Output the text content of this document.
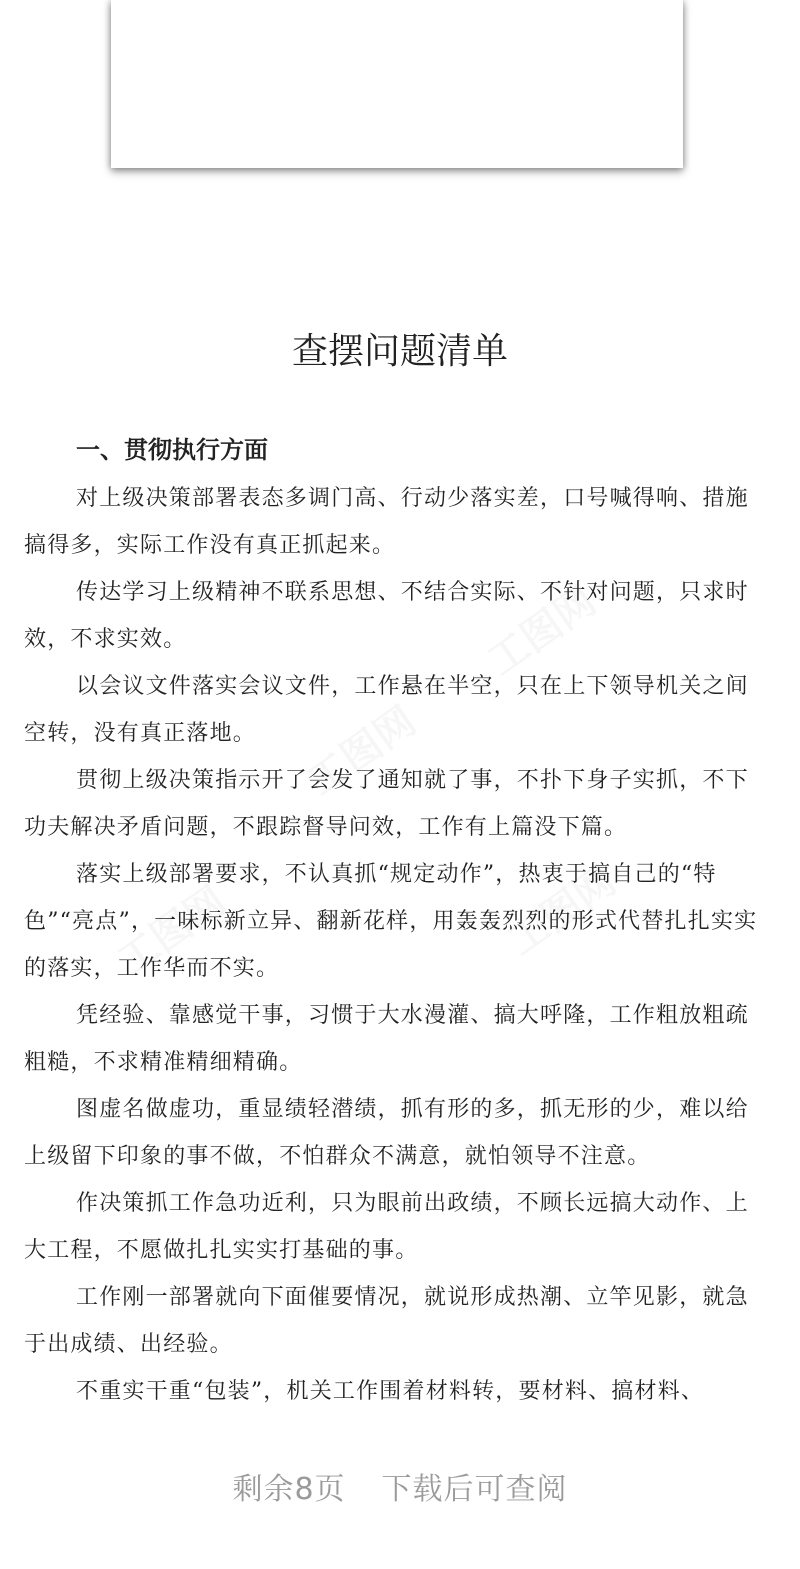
查摆问题清单
一、贯彻执行方面

对上级决策部署表态多调门高、行动少落实差，口号喊得响、措施搞得多，实际工作没有真正抓起来。

传达学习上级精神不联系思想、不结合实际、不针对问题，只求时效，不求实效。

以会议文件落实会议文件，工作悬在半空，只在上下领导机关之间空转，没有真正落地。

贯彻上级决策指示开了会发了通知就了事，不扑下身子实抓，不下功夫解决矛盾问题，不跟踪督导问效，工作有上篇没下篇。

落实上级部署要求，不认真抓“规定动作”，热衷于搞自己的“特色”“亮点”，一味标新立异、翻新花样，用轰轰烈烈的形式代替扎扎实实的落实，工作华而不实。

凭经验、靠感觉干事，习惯于大水漫灌、搞大呼隆，工作粗放粗疏粗糙，不求精准精细精确。

图虚名做虚功，重显绩轻潜绩，抓有形的多，抓无形的少，难以给上级留下印象的事不做，不怕群众不满意，就怕领导不注意。

作决策抓工作急功近利，只为眼前出政绩，不顾长远搞大动作、上大工程，不愿做扎扎实实打基础的事。

工作刚一部署就向下面催要情况，就说形成热潮、立竿见影，就急于出成绩、出经验。

不重实干重“包装”，机关工作围着材料转，要材料、搞材料、

剩余8页 下载后可查阅
